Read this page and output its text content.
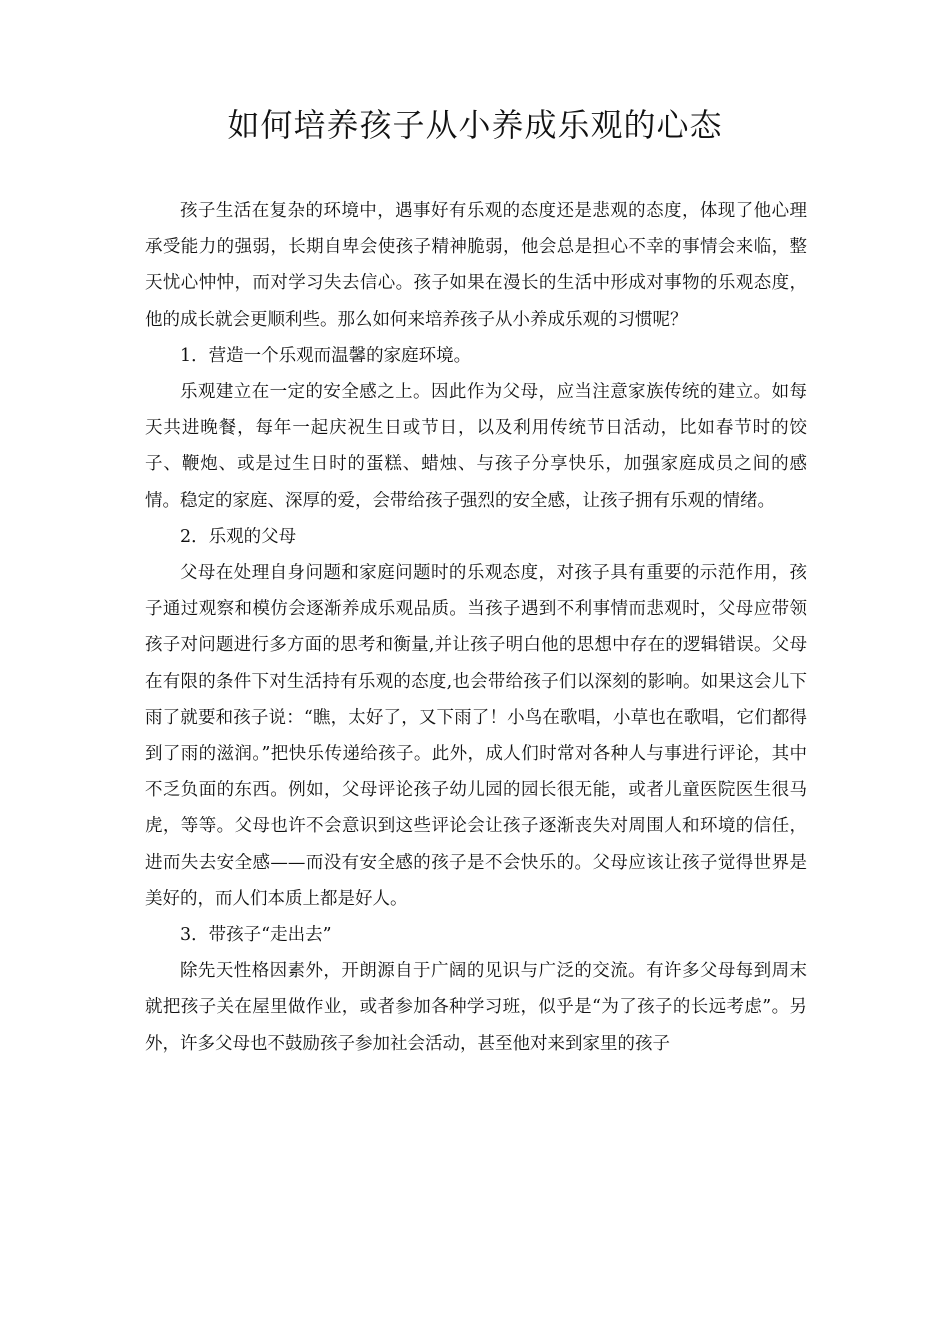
如何培养孩子从小养成乐观的心态

孩子生活在复杂的环境中，遇事好有乐观的态度还是悲观的态度，体现了他心理承受能力的强弱，长期自卑会使孩子精神脆弱，他会总是担心不幸的事情会来临，整天忧心忡忡，而对学习失去信心。孩子如果在漫长的生活中形成对事物的乐观态度，他的成长就会更顺利些。那么如何来培养孩子从小养成乐观的习惯呢？

1．营造一个乐观而温馨的家庭环境。

乐观建立在一定的安全感之上。因此作为父母，应当注意家族传统的建立。如每天共进晚餐，每年一起庆祝生日或节日，以及利用传统节日活动，比如春节时的饺子、鞭炮、或是过生日时的蛋糕、蜡烛、与孩子分享快乐，加强家庭成员之间的感情。稳定的家庭、深厚的爱，会带给孩子强烈的安全感，让孩子拥有乐观的情绪。

2．乐观的父母

父母在处理自身问题和家庭问题时的乐观态度，对孩子具有重要的示范作用，孩子通过观察和模仿会逐渐养成乐观品质。当孩子遇到不利事情而悲观时，父母应带领孩子对问题进行多方面的思考和衡量,并让孩子明白他的思想中存在的逻辑错误。父母在有限的条件下对生活持有乐观的态度,也会带给孩子们以深刻的影响。如果这会儿下雨了就要和孩子说：“瞧，太好了，又下雨了！小鸟在歌唱，小草也在歌唱，它们都得到了雨的滋润。”把快乐传递给孩子。此外，成人们时常对各种人与事进行评论，其中不乏负面的东西。例如，父母评论孩子幼儿园的园长很无能，或者儿童医院医生很马虎，等等。父母也许不会意识到这些评论会让孩子逐渐丧失对周围人和环境的信任，进而失去安全感——而没有安全感的孩子是不会快乐的。父母应该让孩子觉得世界是美好的，而人们本质上都是好人。

3．带孩子“走出去”

除先天性格因素外，开朗源自于广阔的见识与广泛的交流。有许多父母每到周末就把孩子关在屋里做作业，或者参加各种学习班，似乎是“为了孩子的长远考虑”。另外，许多父母也不鼓励孩子参加社会活动，甚至他对来到家里的孩子
